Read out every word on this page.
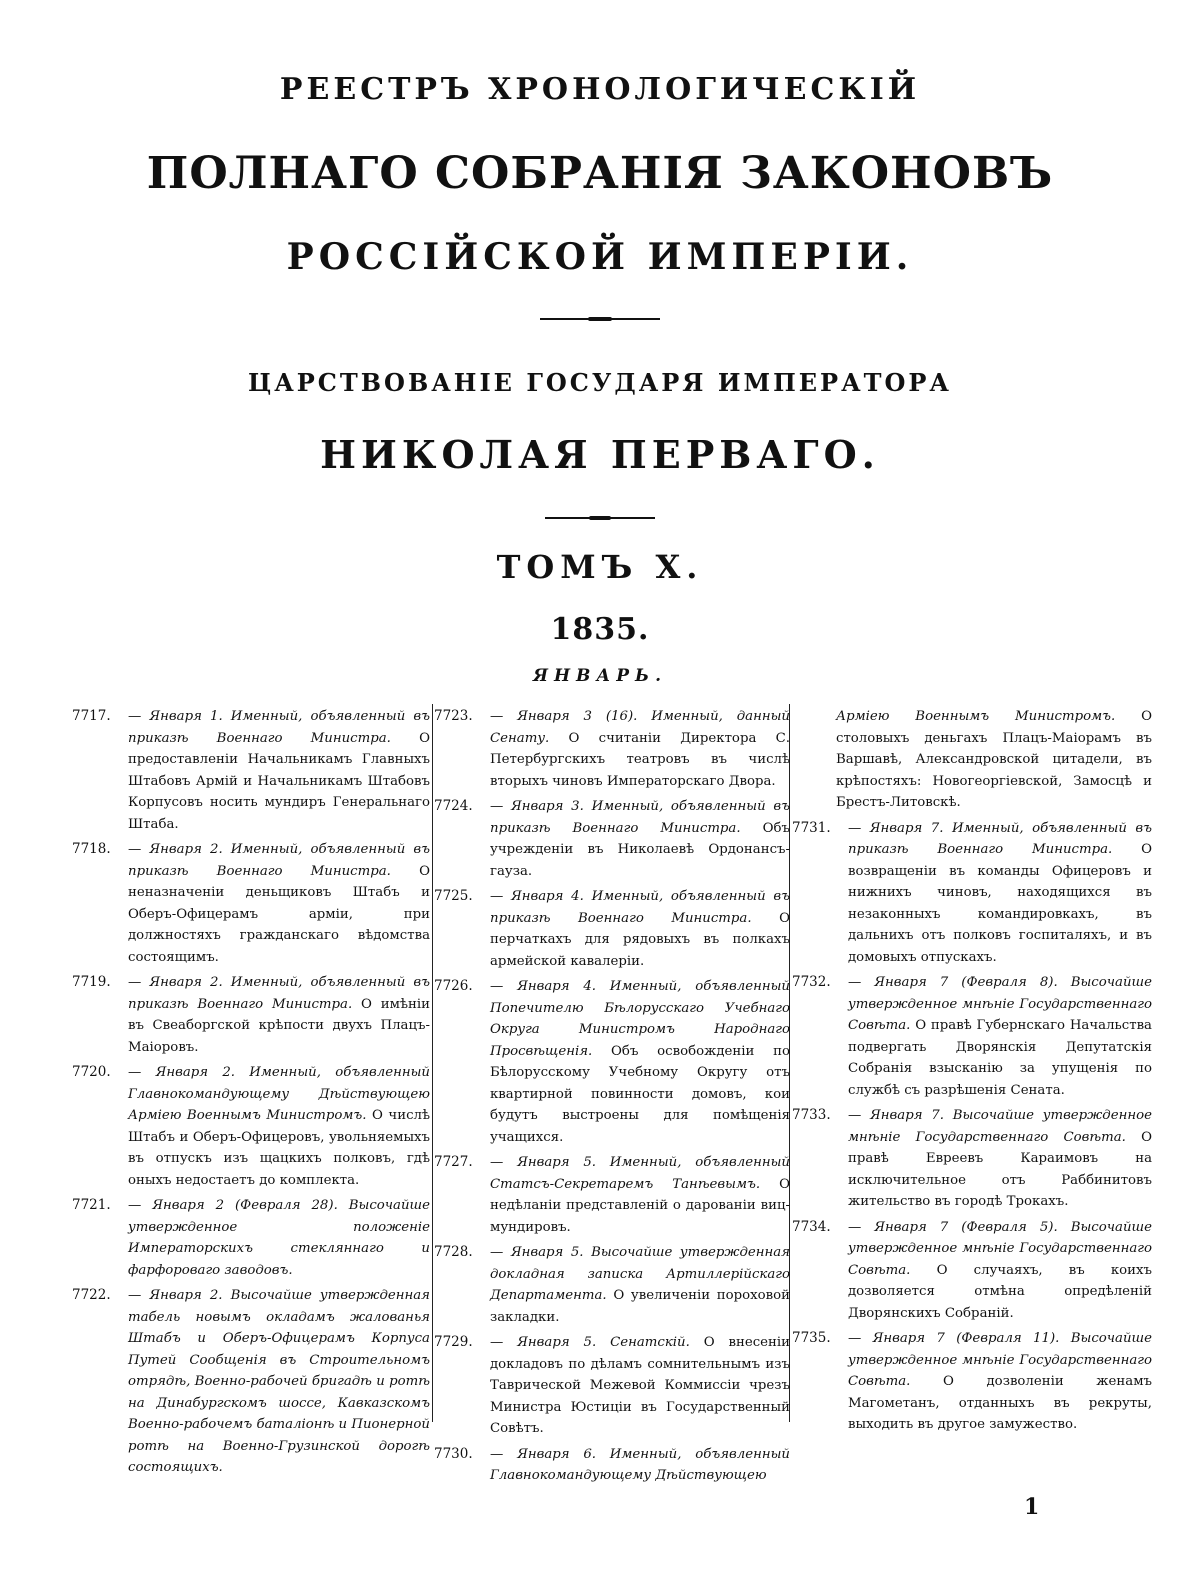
РЕЕСТРЪ ХРОНОЛОГИЧЕСКІЙ
ПОЛНАГО СОБРАНІЯ ЗАКОНОВЪ
РОССІЙСКОЙ ИМПЕРІИ.
ЦАРСТВОВАНІЕ ГОСУДАРЯ ИМПЕРАТОРА
НИКОЛАЯ ПЕРВАГО.
ТОМЪ X.
1835.
ЯНВАРЬ.
7717.	— Января 1. Именный, объявленный въ приказѣ Военнаго Министра. О предоставленіи Начальникамъ Главныхъ Штабовъ Армій и Начальникамъ Штабовъ Корпусовъ носить мундиръ Генеральнаго Штаба.
7718.	— Января 2. Именный, объявленный въ приказѣ Военнаго Министра. О неназначеніи деньщиковъ Штабъ и Оберъ-Офицерамъ арміи, при должностяхъ гражданскаго вѣдомства состоящимъ.
7719.	— Января 2. Именный, объявленный въ приказѣ Военнаго Министра. О имѣніи въ Свеаборгской крѣпости двухъ Плацъ-Маіоровъ.
7720.	— Января 2. Именный, объявленный Главнокомандующему Дѣйствующею Арміею Военнымъ Министромъ. О числѣ Штабъ и Оберъ-Офицеровъ, увольняемыхъ въ отпускъ изъ щацкихъ полковъ, гдѣ оныхъ недостаетъ до комплекта.
7721.	— Января 2 (Февраля 28). Высочайше утвержденное положеніе Императорскихъ стекляннаго и фарфороваго заводовъ.
7722.	— Января 2. Высочайше утвержденная табель новымъ окладамъ жалованья Штабъ и Оберъ-Офицерамъ Корпуса Путей Сообщенія въ Строительномъ отрядѣ, Военно-рабочей бригадѣ и ротѣ на Динабургскомъ шоссе, Кавказскомъ Военно-рабочемъ баталіонѣ и Пионерной ротѣ на Военно-Грузинской дорогѣ состоящихъ.
7723.	— Января 3 (16). Именный, данный Сенату. О считаніи Директора С. Петербургскихъ театровъ въ числѣ вторыхъ чиновъ Императорскаго Двора.
7724.	— Января 3. Именный, объявленный въ приказѣ Военнаго Министра. Объ учрежденіи въ Николаевѣ Ордонансъ-гауза.
7725.	— Января 4. Именный, объявленный въ приказѣ Военнаго Министра. О перчаткахъ для рядовыхъ въ полкахъ армейской кавалеріи.
7726.	— Января 4. Именный, объявленный Попечителю Бѣлорусскаго Учебнаго Округа Министромъ Народнаго Просвѣщенія. Объ освобожденіи по Бѣлорусскому Учебному Округу отъ квартирной повинности домовъ, кои будутъ выстроены для помѣщенія учащихся.
7727.	— Января 5. Именный, объявленный Статсъ-Секретаремъ Танѣевымъ. О недѣланіи представленій о дарованіи виц-мундировъ.
7728.	— Января 5. Высочайше утвержденная докладная записка Артиллерійскаго Департамента. О увеличеніи пороховой закладки.
7729.	— Января 5. Сенатскій. О внесеніи докладовъ по дѣламъ сомнительнымъ изъ Таврической Межевой Коммиссіи чрезъ Министра Юстиціи въ Государственный Совѣтъ.
7730.	— Января 6. Именный, объявленный Главнокомандующему Дѣйствующею
Арміею Военнымъ Министромъ. О столовыхъ деньгахъ Плацъ-Маіорамъ въ Варшавѣ, Александровской цитадели, въ крѣпостяхъ: Новогеоргіевской, Замосцѣ и Брестъ-Литовскѣ.
7731.	— Января 7. Именный, объявленный въ приказѣ Военнаго Министра. О возвращеніи въ команды Офицеровъ и нижнихъ чиновъ, находящихся въ незаконныхъ командировкахъ, въ дальнихъ отъ полковъ госпиталяхъ, и въ домовыхъ отпускахъ.
7732.	— Января 7 (Февраля 8). Высочайше утвержденное мнѣніе Государственнаго Совѣта. О правѣ Губернскаго Начальства подвергать Дворянскія Депутатскія Собранія взысканію за упущенія по службѣ съ разрѣшенія Сената.
7733.	— Января 7. Высочайше утвержденное мнѣніе Государственнаго Совѣта. О правѣ Евреевъ Караимовъ на исключительное отъ Раббинитовъ жительство въ городѣ Трокахъ.
7734.	— Января 7 (Февраля 5). Высочайше утвержденное мнѣніе Государственнаго Совѣта. О случаяхъ, въ коихъ дозволяется отмѣна опредѣленій Дворянскихъ Собраній.
7735.	— Января 7 (Февраля 11). Высочайше утвержденное мнѣніе Государственнаго Совѣта. О дозволеніи женамъ Магометанъ, отданныхъ въ рекруты, выходить въ другое замужество.
1
